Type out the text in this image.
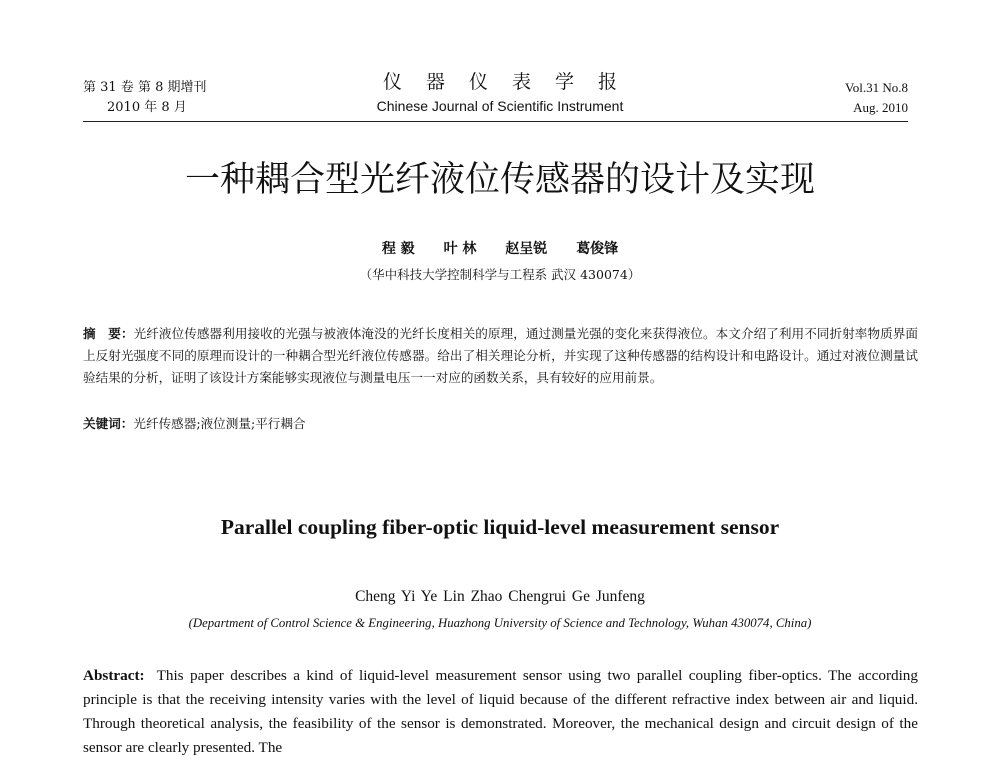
第 31 卷 第 8 期增刊
2010 年 8 月
仪器仪表学报
Chinese Journal of Scientific Instrument
Vol.31 No.8
Aug. 2010
一种耦合型光纤液位传感器的设计及实现
程 毅 叶 林 赵呈锐 葛俊锋
（华中科技大学控制科学与工程系 武汉 430074）
摘　要：光纤液位传感器利用接收的光强与被液体淹没的光纤长度相关的原理，通过测量光强的变化来获得液位。本文介绍了利用不同折射率物质界面上反射光强度不同的原理而设计的一种耦合型光纤液位传感器。给出了相关理论分析，并实现了这种传感器的结构设计和电路设计。通过对液位测量试验结果的分析，证明了该设计方案能够实现液位与测量电压一一对应的函数关系，具有较好的应用前景。
关键词：光纤传感器;液位测量;平行耦合
Parallel coupling fiber-optic liquid-level measurement sensor
Cheng Yi Ye Lin Zhao Chengrui Ge Junfeng
(Department of Control Science & Engineering, Huazhong University of Science and Technology, Wuhan 430074, China)
Abstract: This paper describes a kind of liquid-level measurement sensor using two parallel coupling fiber-optics. The according principle is that the receiving intensity varies with the level of liquid because of the different refractive index between air and liquid. Through theoretical analysis, the feasibility of the sensor is demonstrated. Moreover, the mechanical design and circuit design of the sensor are clearly presented. The
